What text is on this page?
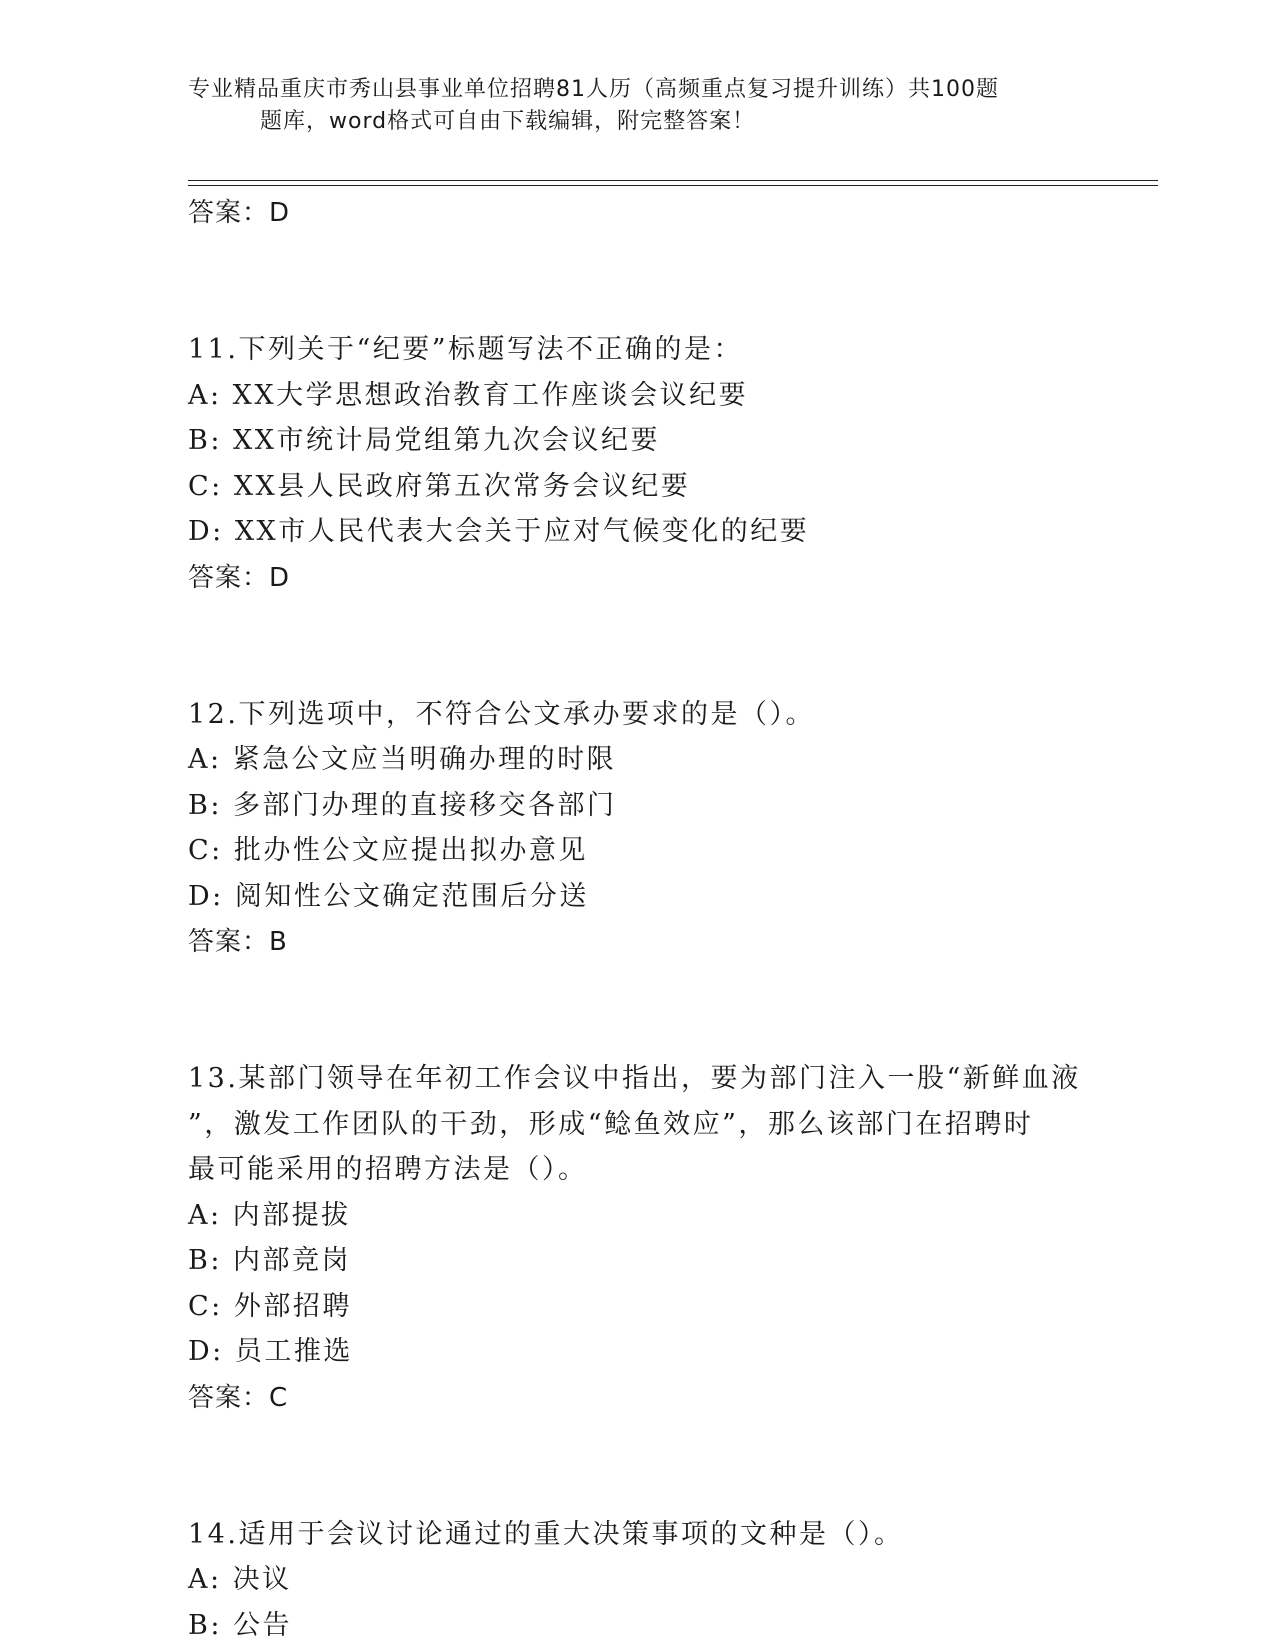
专业精品重庆市秀山县事业单位招聘81人历（高频重点复习提升训练）共100题
题库，word格式可自由下载编辑，附完整答案！
答案：D
11.下列关于“纪要”标题写法不正确的是：
A: XX大学思想政治教育工作座谈会议纪要
B: XX市统计局党组第九次会议纪要
C: XX县人民政府第五次常务会议纪要
D: XX市人民代表大会关于应对气候变化的纪要
答案：D
12.下列选项中，不符合公文承办要求的是（）。
A: 紧急公文应当明确办理的时限
B: 多部门办理的直接移交各部门
C: 批办性公文应提出拟办意见
D: 阅知性公文确定范围后分送
答案：B
13.某部门领导在年初工作会议中指出，要为部门注入一股“新鲜血液
”，激发工作团队的干劲，形成“鲶鱼效应”，那么该部门在招聘时
最可能采用的招聘方法是（）。
A: 内部提拔
B: 内部竞岗
C: 外部招聘
D: 员工推选
答案：C
14.适用于会议讨论通过的重大决策事项的文种是（）。
A: 决议
B: 公告
